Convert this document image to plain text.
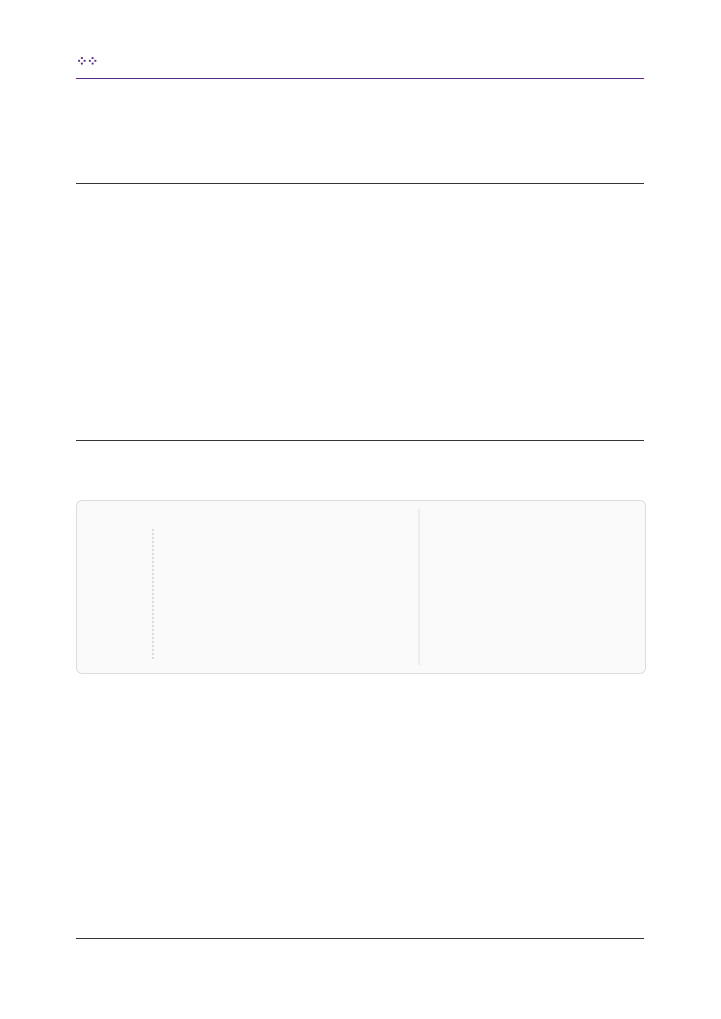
⁘⁘
